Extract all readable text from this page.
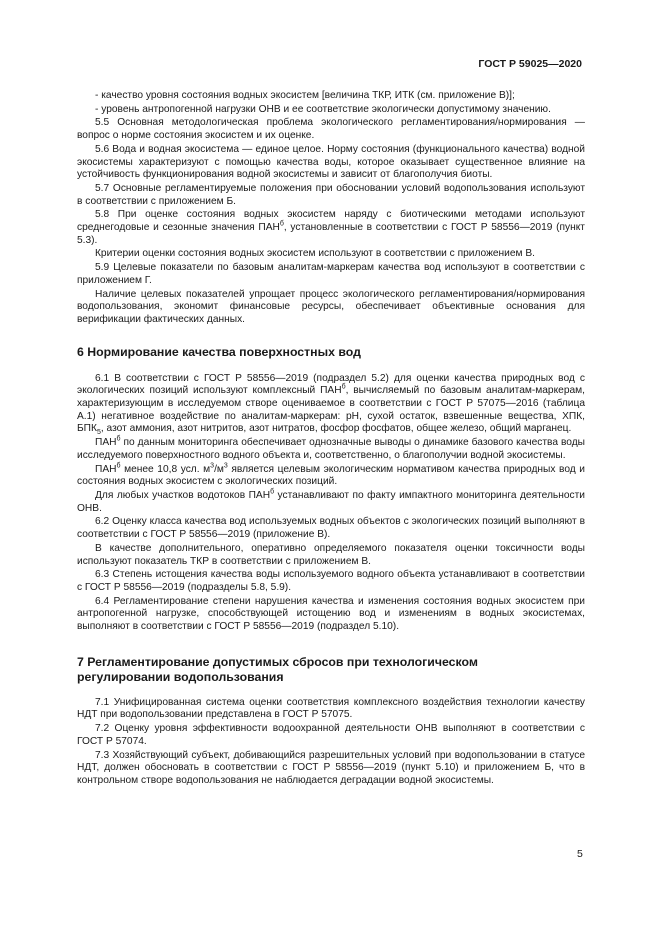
ГОСТ Р 59025—2020

- качество уровня состояния водных экосистем [величина ТКР, ИТК (см. приложение В)];

- уровень антропогенной нагрузки ОНВ и ее соответствие экологически допустимому значению.

5.5 Основная методологическая проблема экологического регламентирования/нормирования — вопрос о норме состояния экосистем и их оценке.

5.6 Вода и водная экосистема — единое целое. Норму состояния (функционального качества) водной экосистемы характеризуют с помощью качества воды, которое оказывает существенное влияние на устойчивость функционирования водной экосистемы и зависит от благополучия биоты.

5.7 Основные регламентируемые положения при обосновании условий водопользования используют в соответствии с приложением Б.

5.8 При оценке состояния водных экосистем наряду с биотическими методами используют среднегодовые и сезонные значения $ПАН^б$, установленные в соответствии с ГОСТ Р 58556—2019 (пункт 5.3).

Критерии оценки состояния водных экосистем используют в соответствии с приложением В.

5.9 Целевые показатели по базовым аналитам-маркерам качества вод используют в соответствии с приложением Г.

Наличие целевых показателей упрощает процесс экологического регламентирования/нормирования водопользования, экономит финансовые ресурсы, обеспечивает объективные основания для верификации фактических данных.

6 Нормирование качества поверхностных вод

6.1 В соответствии с ГОСТ Р 58556—2019 (подраздел 5.2) для оценки качества природных вод с экологических позиций используют комплексный $ПАН^б$, вычисляемый по базовым аналитам-маркерам, характеризующим в исследуемом створе оцениваемое в соответствии с ГОСТ Р 57075—2016 (таблица А.1) негативное воздействие по аналитам-маркерам: pH, сухой остаток, взвешенные вещества, ХПК, $БПК_5$, азот аммония, азот нитритов, азот нитратов, фосфор фосфатов, общее железо, общий марганец.

$ПАН^б$ по данным мониторинга обеспечивает однозначные выводы о динамике базового качества воды исследуемого поверхностного водного объекта и, соответственно, о благополучии водной экосистемы.

$ПАН^б$ менее 10,8 усл. $м^3/м^3$ является целевым экологическим нормативом качества природных вод и состояния водных экосистем с экологических позиций.

Для любых участков водотоков $ПАН^б$ устанавливают по факту импактного мониторинга деятельности ОНВ.

6.2 Оценку класса качества вод используемых водных объектов с экологических позиций выполняют в соответствии с ГОСТ Р 58556—2019 (приложение В).

В качестве дополнительного, оперативно определяемого показателя оценки токсичности воды используют показатель ТКР в соответствии с приложением В.

6.3 Степень истощения качества воды используемого водного объекта устанавливают в соответствии с ГОСТ Р 58556—2019 (подразделы 5.8, 5.9).

6.4 Регламентирование степени нарушения качества и изменения состояния водных экосистем при антропогенной нагрузке, способствующей истощению вод и изменениям в водных экосистемах, выполняют в соответствии с ГОСТ Р 58556—2019 (подраздел 5.10).

7 Регламентирование допустимых сбросов при технологическом
регулировании водопользования

7.1 Унифицированная система оценки соответствия комплексного воздействия технологии качеству НДТ при водопользовании представлена в ГОСТ Р 57075.

7.2 Оценку уровня эффективности водоохранной деятельности ОНВ выполняют в соответствии с ГОСТ Р 57074.

7.3 Хозяйствующий субъект, добивающийся разрешительных условий при водопользовании в статусе НДТ, должен обосновать в соответствии с ГОСТ Р 58556—2019 (пункт 5.10) и приложением Б, что в контрольном створе водопользования не наблюдается деградации водной экосистемы.

5
